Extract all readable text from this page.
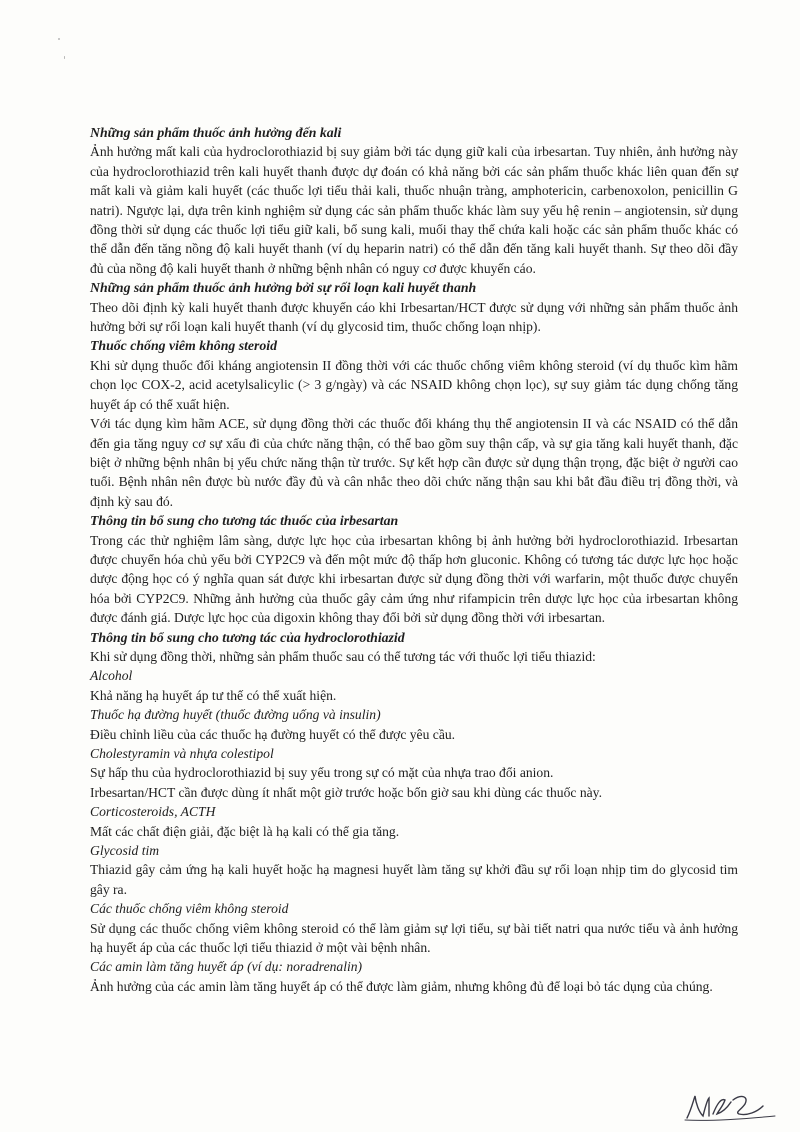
Những sản phẩm thuốc ảnh hưởng đến kali

Ảnh hưởng mất kali của hydroclorothiazid bị suy giảm bởi tác dụng giữ kali của irbesartan. Tuy nhiên, ảnh hưởng này của hydroclorothiazid trên kali huyết thanh được dự đoán có khả năng bởi các sản phẩm thuốc khác liên quan đến sự mất kali và giảm kali huyết (các thuốc lợi tiểu thải kali, thuốc nhuận tràng, amphotericin, carbenoxolon, penicillin G natri). Ngược lại, dựa trên kinh nghiệm sử dụng các sản phẩm thuốc khác làm suy yếu hệ renin – angiotensin, sử dụng đồng thời sử dụng các thuốc lợi tiểu giữ kali, bổ sung kali, muối thay thế chứa kali hoặc các sản phẩm thuốc khác có thể dẫn đến tăng nồng độ kali huyết thanh (ví dụ heparin natri) có thể dẫn đến tăng kali huyết thanh. Sự theo dõi đầy đủ của nồng độ kali huyết thanh ở những bệnh nhân có nguy cơ được khuyến cáo.

Những sản phẩm thuốc ảnh hưởng bởi sự rối loạn kali huyết thanh

Theo dõi định kỳ kali huyết thanh được khuyến cáo khi Irbesartan/HCT được sử dụng với những sản phẩm thuốc ảnh hưởng bởi sự rối loạn kali huyết thanh (ví dụ glycosid tim, thuốc chống loạn nhịp).

Thuốc chống viêm không steroid

Khi sử dụng thuốc đối kháng angiotensin II đồng thời với các thuốc chống viêm không steroid (ví dụ thuốc kìm hãm chọn lọc COX-2, acid acetylsalicylic (> 3 g/ngày) và các NSAID không chọn lọc), sự suy giảm tác dụng chống tăng huyết áp có thể xuất hiện.

Với tác dụng kìm hãm ACE, sử dụng đồng thời các thuốc đối kháng thụ thể angiotensin II và các NSAID có thể dẫn đến gia tăng nguy cơ sự xấu đi của chức năng thận, có thể bao gồm suy thận cấp, và sự gia tăng kali huyết thanh, đặc biệt ở những bệnh nhân bị yếu chức năng thận từ trước. Sự kết hợp cần được sử dụng thận trọng, đặc biệt ở người cao tuổi. Bệnh nhân nên được bù nước đầy đủ và cân nhắc theo dõi chức năng thận sau khi bắt đầu điều trị đồng thời, và định kỳ sau đó.

Thông tin bổ sung cho tương tác thuốc của irbesartan

Trong các thử nghiệm lâm sàng, dược lực học của irbesartan không bị ảnh hưởng bởi hydroclorothiazid. Irbesartan được chuyển hóa chủ yếu bởi CYP2C9 và đến một mức độ thấp hơn gluconic. Không có tương tác dược lực học hoặc dược động học có ý nghĩa quan sát được khi irbesartan được sử dụng đồng thời với warfarin, một thuốc được chuyển hóa bởi CYP2C9. Những ảnh hưởng của thuốc gây cảm ứng như rifampicin trên dược lực học của irbesartan không được đánh giá. Dược lực học của digoxin không thay đổi bởi sử dụng đồng thời với irbesartan.

Thông tin bổ sung cho tương tác của hydroclorothiazid

Khi sử dụng đồng thời, những sản phẩm thuốc sau có thể tương tác với thuốc lợi tiểu thiazid:

Alcohol

Khả năng hạ huyết áp tư thế có thể xuất hiện.

Thuốc hạ đường huyết (thuốc đường uống và insulin)

Điều chỉnh liều của các thuốc hạ đường huyết có thể được yêu cầu.

Cholestyramin và nhựa colestipol

Sự hấp thu của hydroclorothiazid bị suy yếu trong sự có mặt của nhựa trao đổi anion.

Irbesartan/HCT cần được dùng ít nhất một giờ trước hoặc bốn giờ sau khi dùng các thuốc này.

Corticosteroids, ACTH

Mất các chất điện giải, đặc biệt là hạ kali có thể gia tăng.

Glycosid tim

Thiazid gây cảm ứng hạ kali huyết hoặc hạ magnesi huyết làm tăng sự khởi đầu sự rối loạn nhịp tim do glycosid tim gây ra.

Các thuốc chống viêm không steroid

Sử dụng các thuốc chống viêm không steroid có thể làm giảm sự lợi tiểu, sự bài tiết natri qua nước tiểu và ảnh hưởng hạ huyết áp của các thuốc lợi tiểu thiazid ở một vài bệnh nhân.

Các amin làm tăng huyết áp (ví dụ: noradrenalin)

Ảnh hưởng của các amin làm tăng huyết áp có thể được làm giảm, nhưng không đủ để loại bỏ tác dụng của chúng.
